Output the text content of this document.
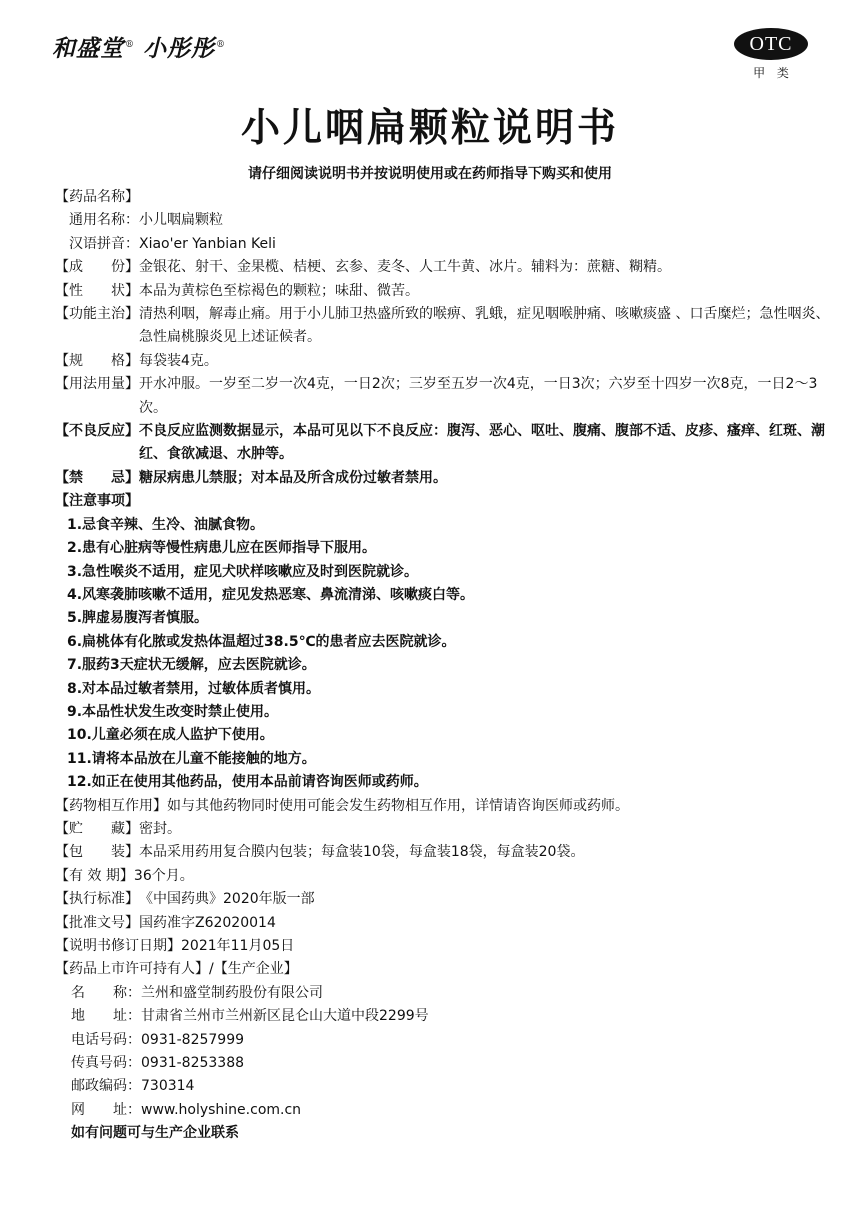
和盛堂® 小彤彤®	OTC
甲 类
小儿咽扁颗粒说明书
请仔细阅读说明书并按说明使用或在药师指导下购买和使用
【药品名称】
通用名称： 小儿咽扁颗粒
汉语拼音： Xiao'er Yanbian Keli
【成　　份】 金银花、射干、金果榄、桔梗、玄参、麦冬、人工牛黄、冰片。辅料为：蔗糖、糊精。
【性　　状】 本品为黄棕色至棕褐色的颗粒；味甜、微苦。
【功能主治】 清热利咽，解毒止痛。用于小儿肺卫热盛所致的喉痹、乳蛾，症见咽喉肿痛、咳嗽痰盛 、口舌糜烂；急性咽炎、急性扁桃腺炎见上述证候者。
【规　　格】 每袋装4克。
【用法用量】 开水冲服。一岁至二岁一次4克，一日2次；三岁至五岁一次4克，一日3次；六岁至十四岁一次8克，一日2～3次。
【不良反应】 不良反应监测数据显示，本品可见以下不良反应：腹泻、恶心、呕吐、腹痛、腹部不适、皮疹、瘙痒、红斑、潮红、食欲减退、水肿等。
【禁　　忌】 糖尿病患儿禁服；对本品及所含成份过敏者禁用。
【注意事项】
1.忌食辛辣、生冷、油腻食物。
2.患有心脏病等慢性病患儿应在医师指导下服用。
3.急性喉炎不适用，症见犬吠样咳嗽应及时到医院就诊。
4.风寒袭肺咳嗽不适用，症见发热恶寒、鼻流清涕、咳嗽痰白等。
5.脾虚易腹泻者慎服。
6.扁桃体有化脓或发热体温超过38.5℃的患者应去医院就诊。
7.服药3天症状无缓解，应去医院就诊。
8.对本品过敏者禁用，过敏体质者慎用。
9.本品性状发生改变时禁止使用。
10.儿童必须在成人监护下使用。
11.请将本品放在儿童不能接触的地方。
12.如正在使用其他药品，使用本品前请咨询医师或药师。
【药物相互作用】 如与其他药物同时使用可能会发生药物相互作用，详情请咨询医师或药师。
【贮　　藏】 密封。
【包　　装】 本品采用药用复合膜内包装；每盒装10袋，每盒装18袋，每盒装20袋。
【有 效 期】 36个月。
【执行标准】 《中国药典》2020年版一部
【批准文号】 国药准字Z62020014
【说明书修订日期】 2021年11月05日
【药品上市许可持有人】/【生产企业】
名　　称： 兰州和盛堂制药股份有限公司
地　　址： 甘肃省兰州市兰州新区昆仑山大道中段2299号
电话号码： 0931-8257999
传真号码： 0931-8253388
邮政编码： 730314
网　　址： www.holyshine.com.cn
如有问题可与生产企业联系
